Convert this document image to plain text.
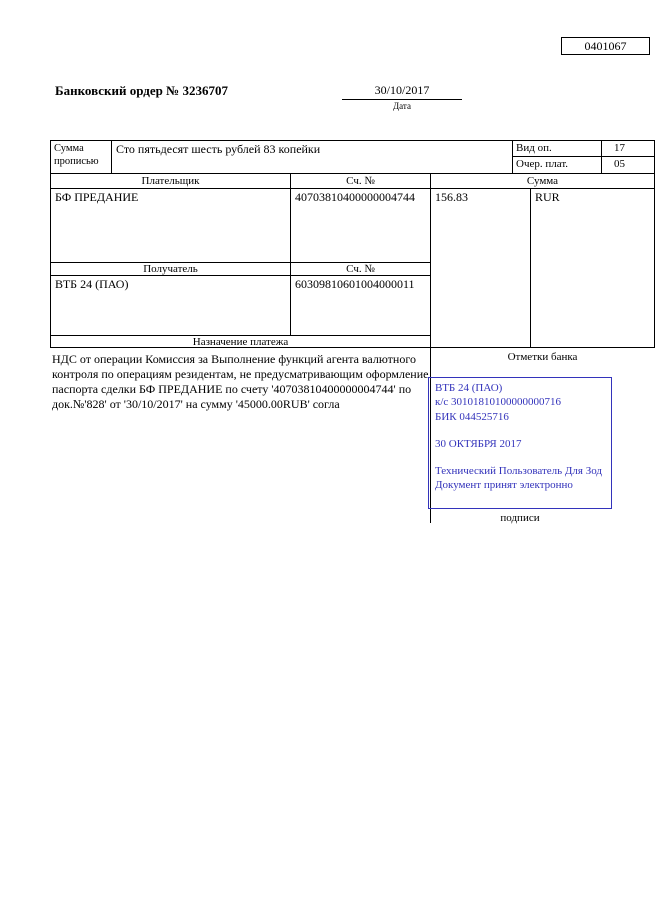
0401067
Банковский ордер № 3236707	30/10/2017
Дата
Сумма прописью
Сто пятьдесят шесть рублей 83 копейки	Вид оп.	17
Очер. плат.	05
Плательщик	Сч. №	Сумма
БФ ПРЕДАНИЕ	40703810400000004744	156.83	RUR
Получатель	Сч. №
ВТБ 24 (ПАО)	60309810601004000011
Назначение платежа
НДС от операции Комиссия за Выполнение функций агента валютного контроля по операциям резидентам, не предусматривающим оформление паспорта сделки БФ ПРЕДАНИЕ по счету '40703810400000004744' по док.№'828' от '30/10/2017' на сумму '45000.00RUB' согла
Отметки банка
ВТБ 24 (ПАО)
к/с 30101810100000000716
БИК 044525716
30 ОКТЯБРЯ 2017
Технический Пользователь Для Зод
Документ принят электронно
подписи
